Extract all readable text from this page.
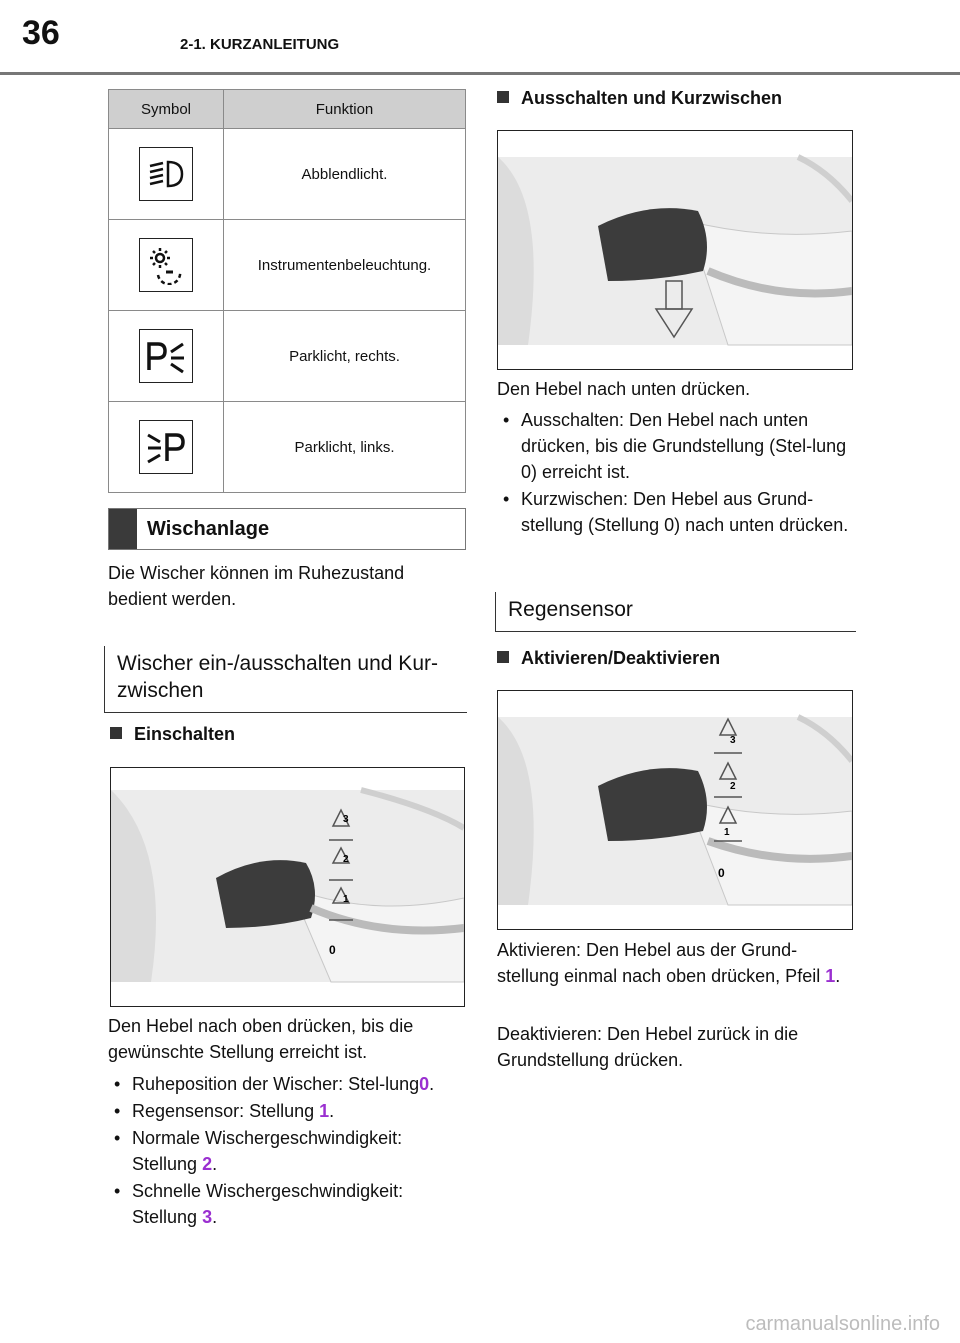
36	2-1. KURZANLEITUNG
Symbol	Funktion

	Abblendlicht.

	Instrumentenbeleuchtung.

	Parklicht, rechts.

	Parklicht, links.
Wischanlage

Die Wischer können im Ruhezustand bedient werden.

Wischer ein-/ausschalten und Kur-zwischen
Einschalten
3
2
1
0

Den Hebel nach oben drücken, bis die gewünschte Stellung erreicht ist.

• Ruheposition der Wischer: Stel-lung0.
• Regensensor: Stellung 1.
• Normale Wischergeschwindigkeit: Stellung 2.
• Schnelle Wischergeschwindigkeit: Stellung 3.
Ausschalten und Kurzwischen

Den Hebel nach unten drücken.

• Ausschalten: Den Hebel nach unten drücken, bis die Grundstellung (Stel-lung 0) erreicht ist.
• Kurzwischen: Den Hebel aus Grund-stellung (Stellung 0) nach unten drücken.
Regensensor
Aktivieren/Deaktivieren
3
2
1
0

Aktivieren: Den Hebel aus der Grund-stellung einmal nach oben drücken, Pfeil 1.

Deaktivieren: Den Hebel zurück in die Grundstellung drücken.

carmanualsonline.info
